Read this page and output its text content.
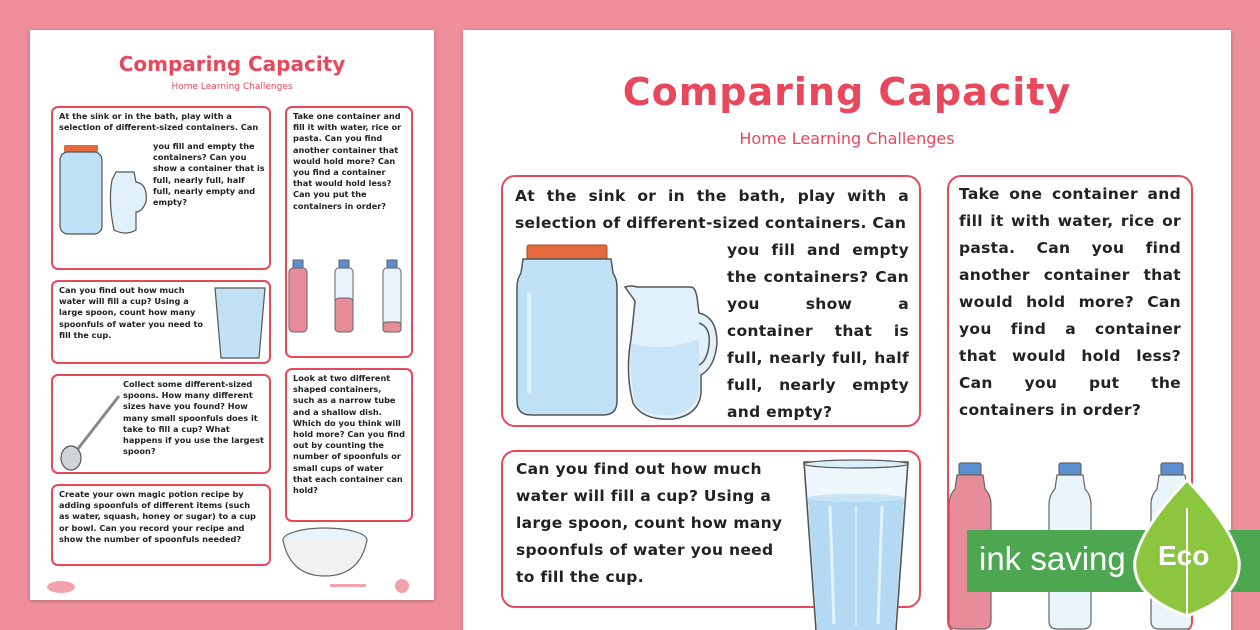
Comparing Capacity
Home Learning Challenges
At the sink or in the bath, play with a selection of different-sized containers. Can
you fill and empty the containers? Can you show a container that is full, nearly full, half full, nearly empty and empty?
Take one container and fill it with water, rice or pasta. Can you find another container that would hold more? Can you find a container that would hold less? Can you put the containers in order?
Can you find out how much water will fill a cup? Using a large spoon, count how many spoonfuls of water you need to fill the cup.
Collect some different-sized spoons. How many different sizes have you found? How many small spoonfuls does it take to fill a cup? What happens if you use the largest spoon?
Look at two different shaped containers, such as a narrow tube and a shallow dish. Which do you think will hold more? Can you find out by counting the number of spoonfuls or small cups of water that each container can hold?
Create your own magic potion recipe by adding spoonfuls of different items (such as water, squash, honey or sugar) to a cup or bowl. Can you record your recipe and show the number of spoonfuls needed?
Comparing Capacity
Home Learning Challenges
At the sink or in the bath, play with a selection of different-sized containers. Can
you fill and empty the containers? Can you show a container that is full, nearly full, half full, nearly empty and empty?
Take one container and fill it with water, rice or pasta. Can you find another container that would hold more? Can you find a container that would hold less? Can you put the containers in order?
Can you find out how much water will fill a cup? Using a large spoon, count how many spoonfuls of water you need to fill the cup.	ink saving Eco
